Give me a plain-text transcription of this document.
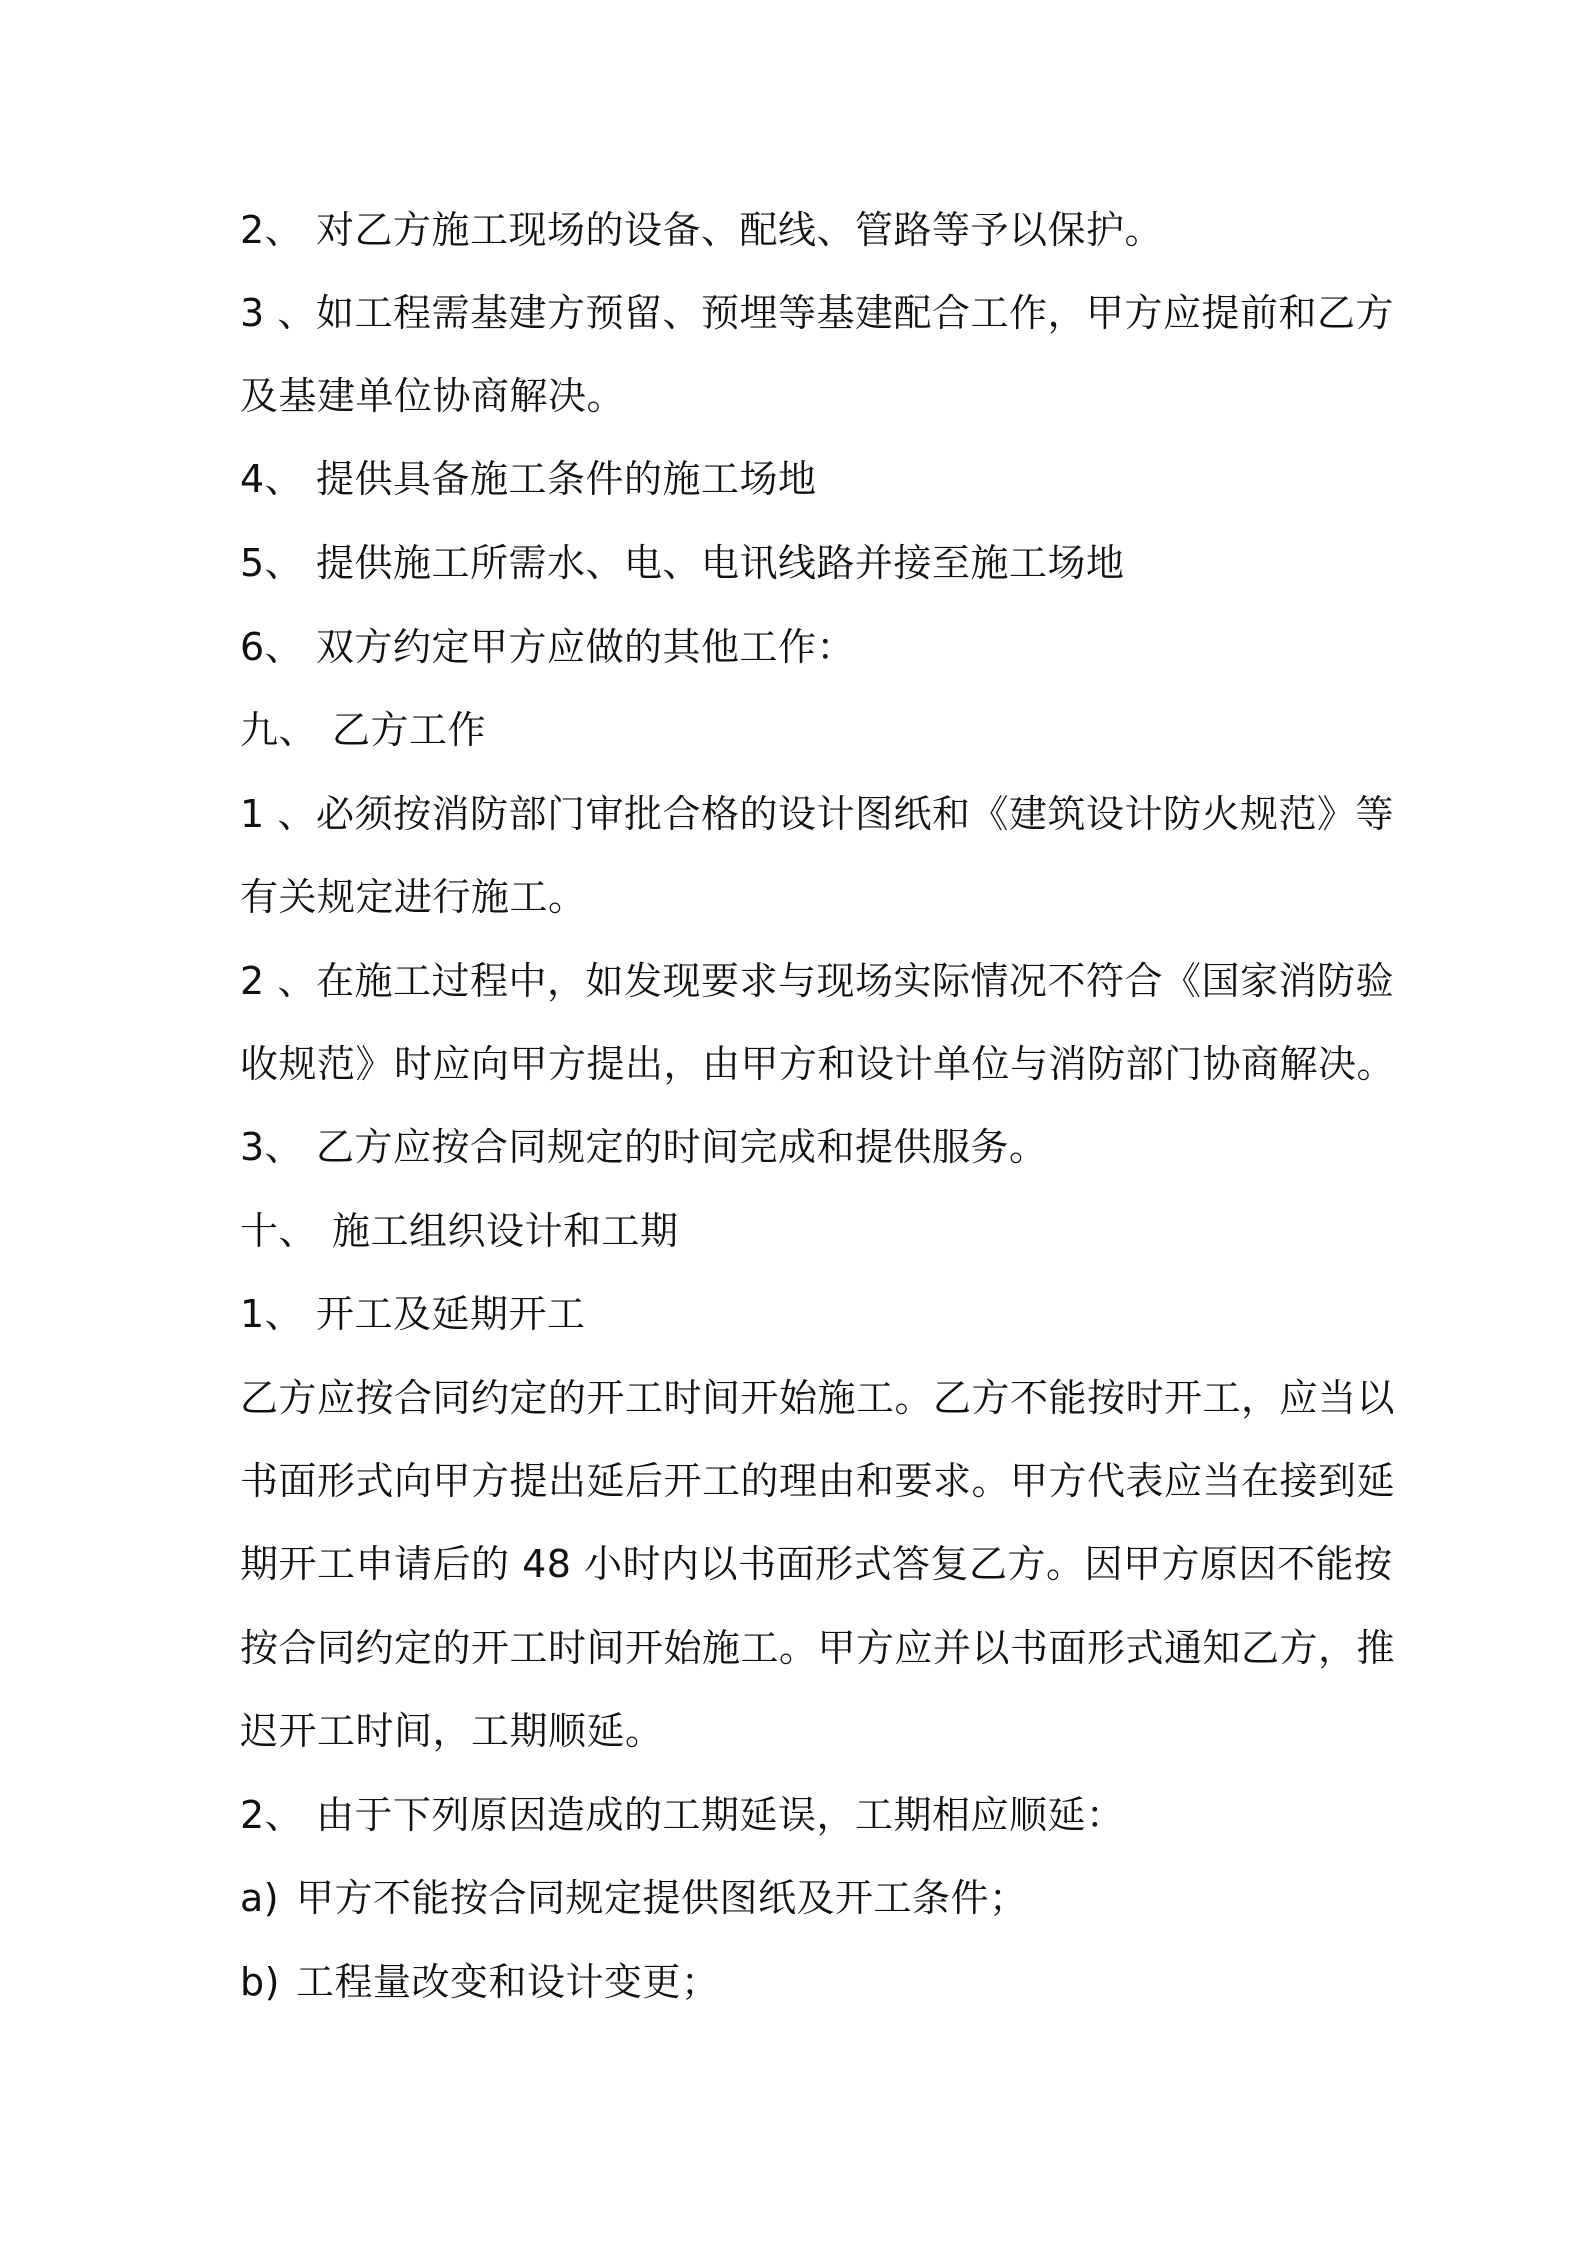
2、 对乙方施工现场的设备、配线、管路等予以保护。
3、如工程需基建方预留、预埋等基建配合工作，甲方应提前和乙方
及基建单位协商解决。
4、 提供具备施工条件的施工场地
5、 提供施工所需水、电、电讯线路并接至施工场地
6、 双方约定甲方应做的其他工作：
九、 乙方工作
1、必须按消防部门审批合格的设计图纸和《建筑设计防火规范》等
有关规定进行施工。
2、在施工过程中，如发现要求与现场实际情况不符合《国家消防验
收规范》时应向甲方提出，由甲方和设计单位与消防部门协商解决。
3、 乙方应按合同规定的时间完成和提供服务。
十、 施工组织设计和工期
1、 开工及延期开工
乙方应按合同约定的开工时间开始施工。乙方不能按时开工，应当以
书面形式向甲方提出延后开工的理由和要求。甲方代表应当在接到延
期开工申请后的 48 小时内以书面形式答复乙方。因甲方原因不能按
按合同约定的开工时间开始施工。甲方应并以书面形式通知乙方，推
迟开工时间，工期顺延。
2、 由于下列原因造成的工期延误，工期相应顺延：
a) 甲方不能按合同规定提供图纸及开工条件；
b) 工程量改变和设计变更；
